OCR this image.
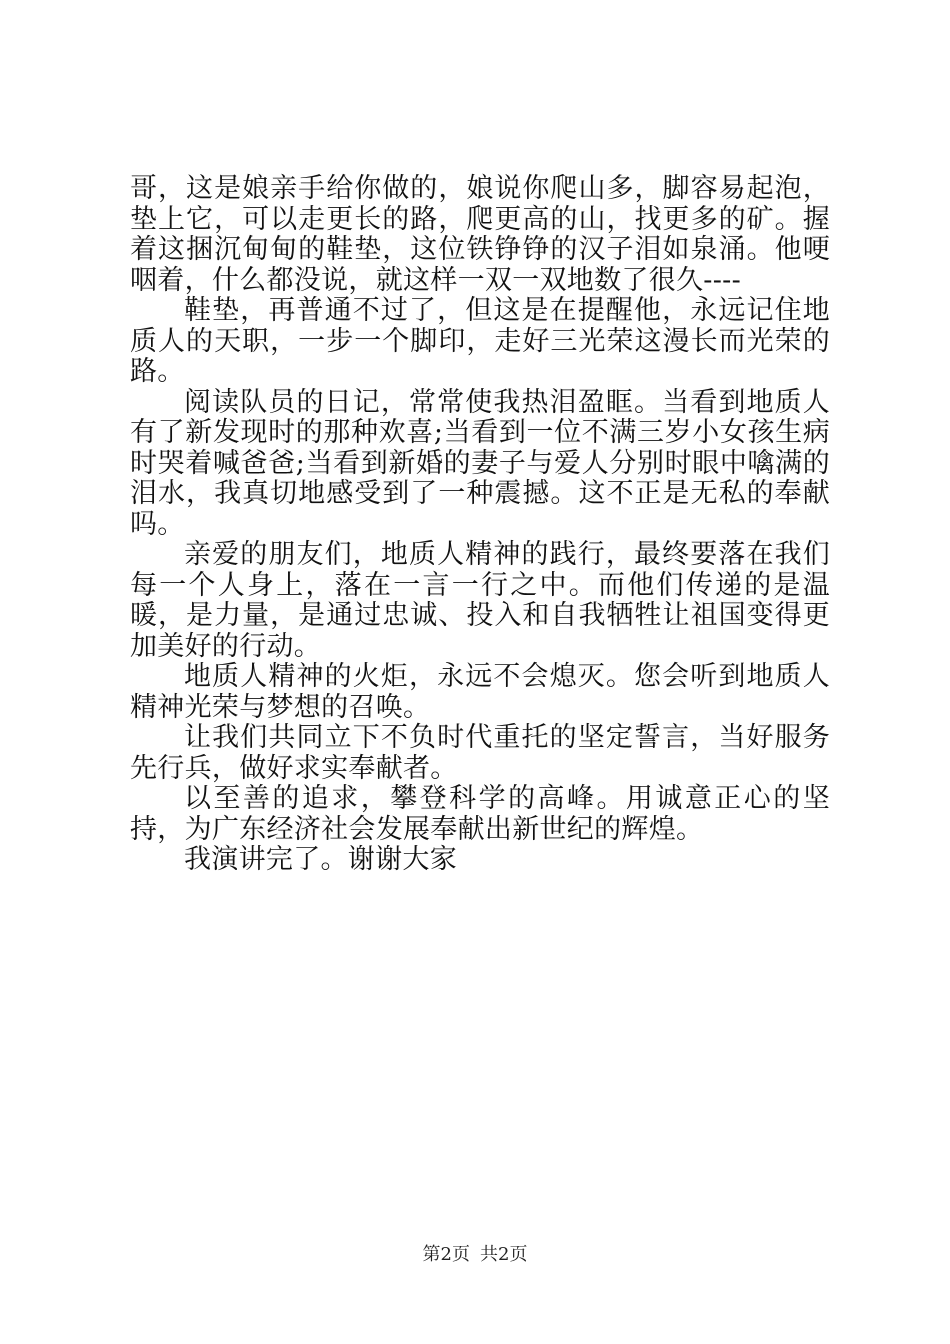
哥，这是娘亲手给你做的，娘说你爬山多，脚容易起泡，垫上它，可以走更长的路，爬更高的山，找更多的矿。握着这捆沉甸甸的鞋垫，这位铁铮铮的汉子泪如泉涌。他哽咽着，什么都没说，就这样一双一双地数了很久----

鞋垫，再普通不过了，但这是在提醒他，永远记住地质人的天职，一步一个脚印，走好三光荣这漫长而光荣的路。

阅读队员的日记，常常使我热泪盈眶。当看到地质人有了新发现时的那种欢喜;当看到一位不满三岁小女孩生病时哭着喊爸爸;当看到新婚的妻子与爱人分别时眼中噙满的泪水，我真切地感受到了一种震撼。这不正是无私的奉献吗。

亲爱的朋友们，地质人精神的践行，最终要落在我们每一个人身上，落在一言一行之中。而他们传递的是温暖，是力量，是通过忠诚、投入和自我牺牲让祖国变得更加美好的行动。

地质人精神的火炬，永远不会熄灭。您会听到地质人精神光荣与梦想的召唤。

让我们共同立下不负时代重托的坚定誓言，当好服务先行兵，做好求实奉献者。

以至善的追求，攀登科学的高峰。用诚意正心的坚持，为广东经济社会发展奉献出新世纪的辉煌。

我演讲完了。谢谢大家

第2页 共2页
